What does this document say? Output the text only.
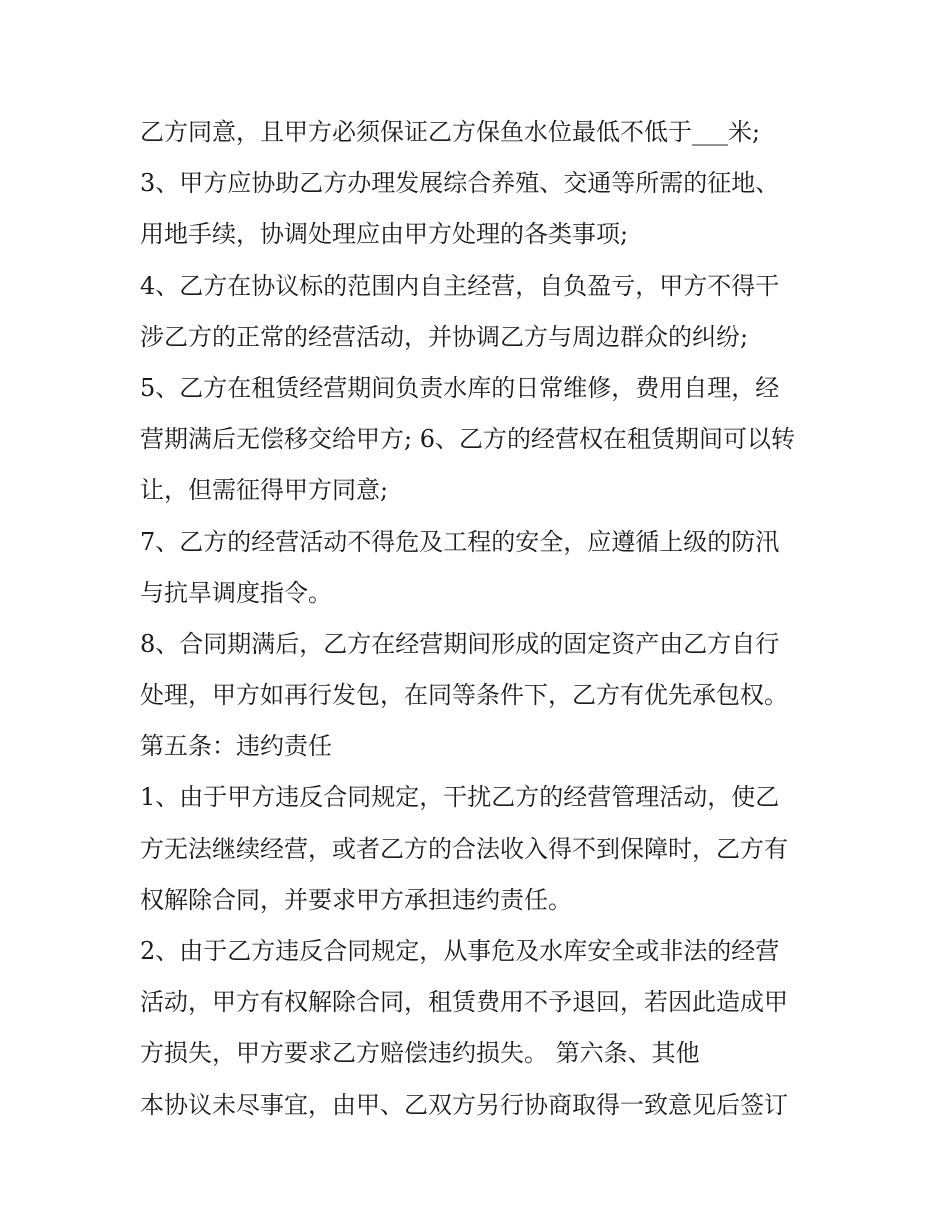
乙方同意，且甲方必须保证乙方保鱼水位最低不低于___米;
3、甲方应协助乙方办理发展综合养殖、交通等所需的征地、
用地手续，协调处理应由甲方处理的各类事项;
4、乙方在协议标的范围内自主经营，自负盈亏，甲方不得干
涉乙方的正常的经营活动，并协调乙方与周边群众的纠纷;
5、乙方在租赁经营期间负责水库的日常维修，费用自理，经
营期满后无偿移交给甲方; 6、乙方的经营权在租赁期间可以转
让，但需征得甲方同意;
7、乙方的经营活动不得危及工程的安全，应遵循上级的防汛
与抗旱调度指令。
8、合同期满后，乙方在经营期间形成的固定资产由乙方自行
处理，甲方如再行发包，在同等条件下，乙方有优先承包权。
第五条：违约责任
1、由于甲方违反合同规定，干扰乙方的经营管理活动，使乙
方无法继续经营，或者乙方的合法收入得不到保障时，乙方有
权解除合同，并要求甲方承担违约责任。
2、由于乙方违反合同规定，从事危及水库安全或非法的经营
活动，甲方有权解除合同，租赁费用不予退回，若因此造成甲
方损失，甲方要求乙方赔偿违约损失。 第六条、其他
本协议未尽事宜，由甲、乙双方另行协商取得一致意见后签订
